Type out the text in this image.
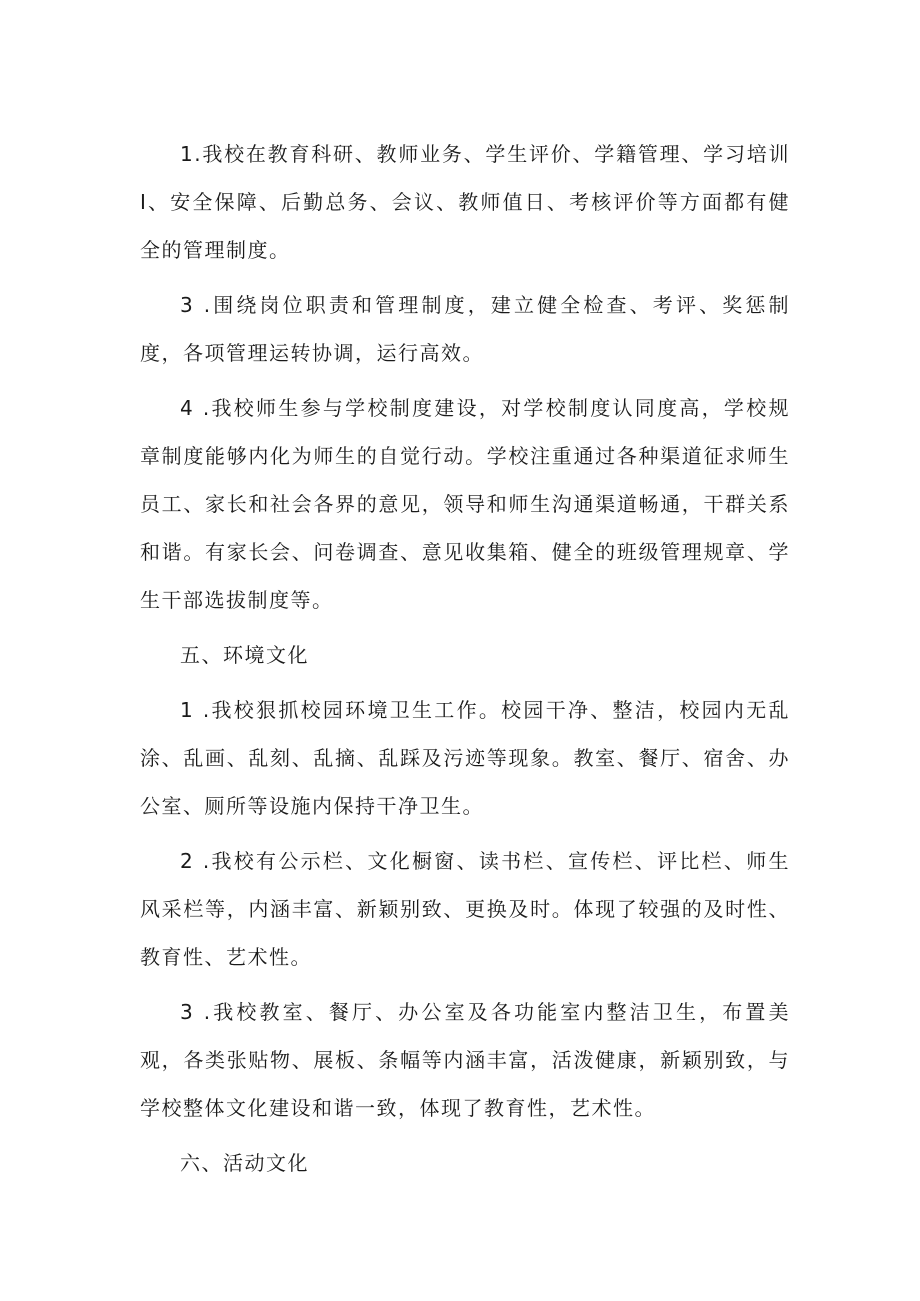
1.我校在教育科研、教师业务、学生评价、学籍管理、学习培训I、安全保障、后勤总务、会议、教师值日、考核评价等方面都有健全的管理制度。

3 .围绕岗位职责和管理制度，建立健全检查、考评、奖惩制度，各项管理运转协调，运行高效。

4 .我校师生参与学校制度建设，对学校制度认同度高，学校规章制度能够内化为师生的自觉行动。学校注重通过各种渠道征求师生员工、家长和社会各界的意见，领导和师生沟通渠道畅通，干群关系和谐。有家长会、问卷调查、意见收集箱、健全的班级管理规章、学生干部选拔制度等。

五、环境文化

1 .我校狠抓校园环境卫生工作。校园干净、整洁，校园内无乱涂、乱画、乱刻、乱摘、乱踩及污迹等现象。教室、餐厅、宿舍、办公室、厕所等设施内保持干净卫生。

2 .我校有公示栏、文化橱窗、读书栏、宣传栏、评比栏、师生风采栏等，内涵丰富、新颖别致、更换及时。体现了较强的及时性、教育性、艺术性。

3 .我校教室、餐厅、办公室及各功能室内整洁卫生，布置美观，各类张贴物、展板、条幅等内涵丰富，活泼健康，新颖别致，与学校整体文化建设和谐一致，体现了教育性，艺术性。

六、活动文化
